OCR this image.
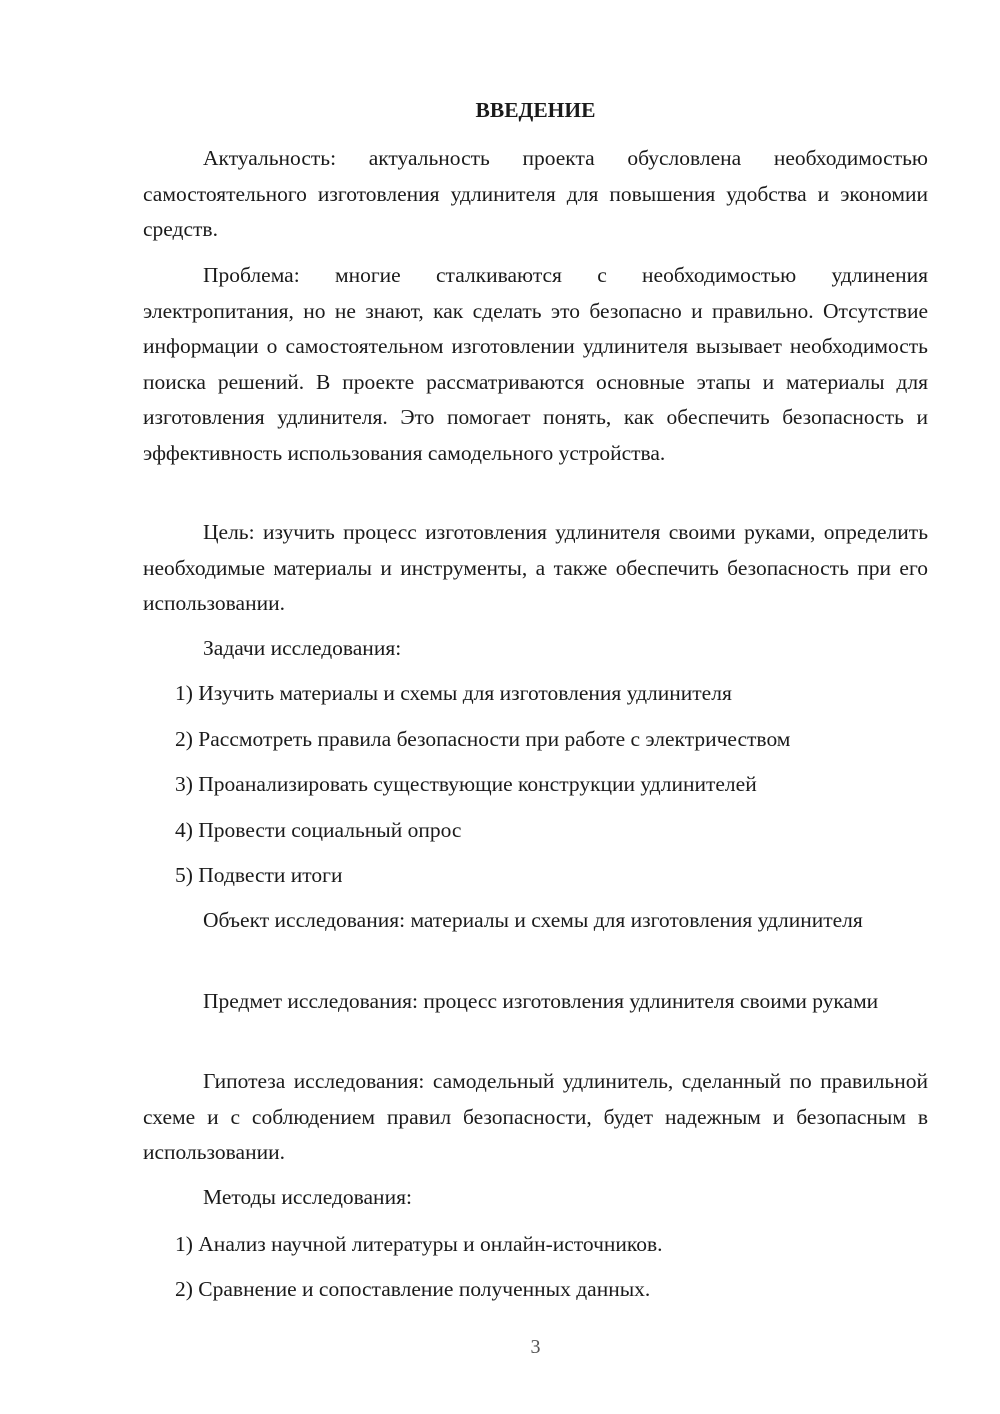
ВВЕДЕНИЕ

Актуальность: актуальность проекта обусловлена необходимостью самостоятельного изготовления удлинителя для повышения удобства и экономии средств.

Проблема: многие сталкиваются с необходимостью удлинения электропитания, но не знают, как сделать это безопасно и правильно. Отсутствие информации о самостоятельном изготовлении удлинителя вызывает необходимость поиска решений. В проекте рассматриваются основные этапы и материалы для изготовления удлинителя. Это помогает понять, как обеспечить безопасность и эффективность использования самодельного устройства.

Цель: изучить процесс изготовления удлинителя своими руками, определить необходимые материалы и инструменты, а также обеспечить безопасность при его использовании.

Задачи исследования:

1) Изучить материалы и схемы для изготовления удлинителя

2) Рассмотреть правила безопасности при работе с электричеством

3) Проанализировать существующие конструкции удлинителей

4) Провести социальный опрос

5) Подвести итоги

Объект исследования: материалы и схемы для изготовления удлинителя

Предмет исследования: процесс изготовления удлинителя своими руками

Гипотеза исследования: самодельный удлинитель, сделанный по правильной схеме и с соблюдением правил безопасности, будет надежным и безопасным в использовании.

Методы исследования:

1) Анализ научной литературы и онлайн-источников.

2) Сравнение и сопоставление полученных данных.

3
